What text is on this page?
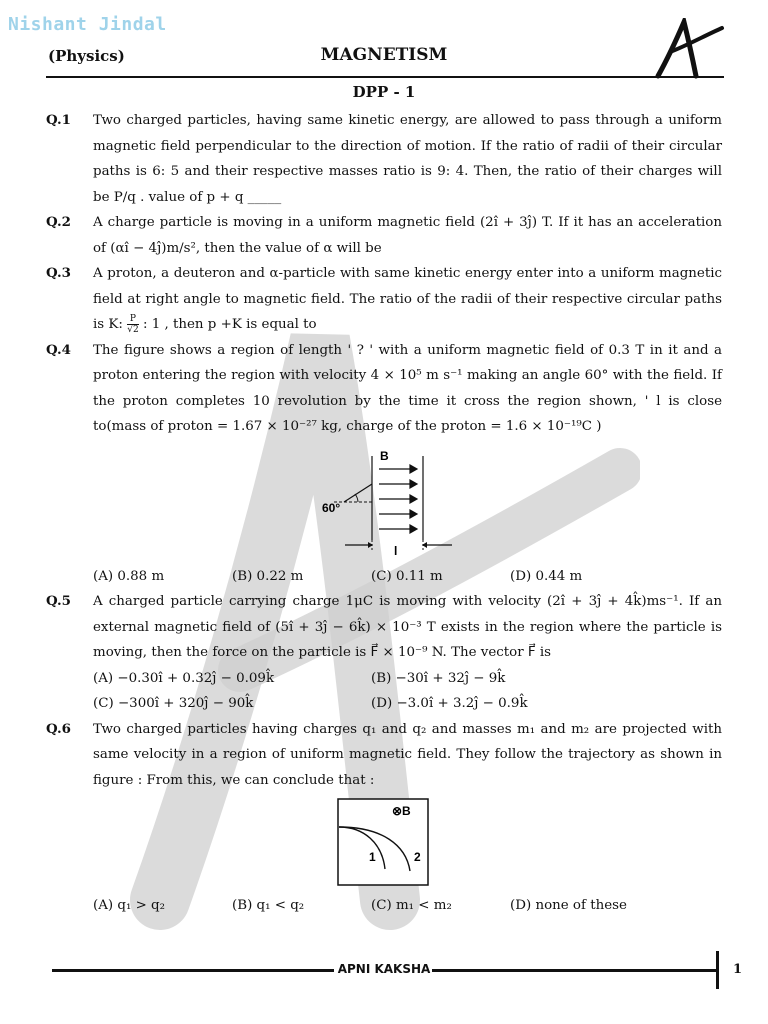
Nishant Jindal
(Physics)	MAGNETISM
DPP - 1
Q.1	Two charged particles, having same kinetic energy, are allowed to pass through a uniform magnetic field perpendicular to the direction of motion. If the ratio of radii of their circular paths is 6: 5 and their respective masses ratio is 9: 4. Then, the ratio of their charges will be P/q . value of p + q _____
Q.2	A charge particle is moving in a uniform magnetic field (2î + 3ĵ) T. If it has an acceleration of (αî − 4ĵ)m/s², then the value of α will be
Q.3	A proton, a deuteron and α-particle with same kinetic energy enter into a uniform magnetic field at right angle to magnetic field. The ratio of the radii of their respective circular paths is K: $\frac{P}{√2}$ : 1 , then p +K is equal to
Q.4	The figure shows a region of length ' ? ' with a uniform magnetic field of 0.3 T in it and a proton entering the region with velocity 4 × 10⁵ m s⁻¹ making an angle 60° with the field. If the proton completes 10 revolution by the time it cross the region shown, ' l is close to(mass of proton = 1.67 × 10⁻²⁷ kg, charge of the proton = 1.6 × 10⁻¹⁹C )
B
60°
l
(A) 0.88 m	(B) 0.22 m	(C) 0.11 m	(D) 0.44 m
Q.5	A charged particle carrying charge 1μC is moving with velocity (2î + 3ĵ + 4k̂)ms⁻¹. If an external magnetic field of (5î + 3ĵ − 6k̂) × 10⁻³ T exists in the region where the particle is moving, then the force on the particle is F⃗ × 10⁻⁹ N. The vector F⃗ is
(A) −0.30î + 0.32ĵ − 0.09k̂	(B) −30î + 32ĵ − 9k̂
(C) −300î + 320ĵ − 90k̂	(D) −3.0î + 3.2ĵ − 0.9k̂
Q.6	Two charged particles having charges q₁ and q₂ and masses m₁ and m₂ are projected with same velocity in a region of uniform magnetic field. They follow the trajectory as shown in figure : From this, we can conclude that :
⊗B
1	2
(A) q₁ > q₂	(B) q₁ < q₂	(C) m₁ < m₂	(D) none of these
APNI KAKSHA	1
